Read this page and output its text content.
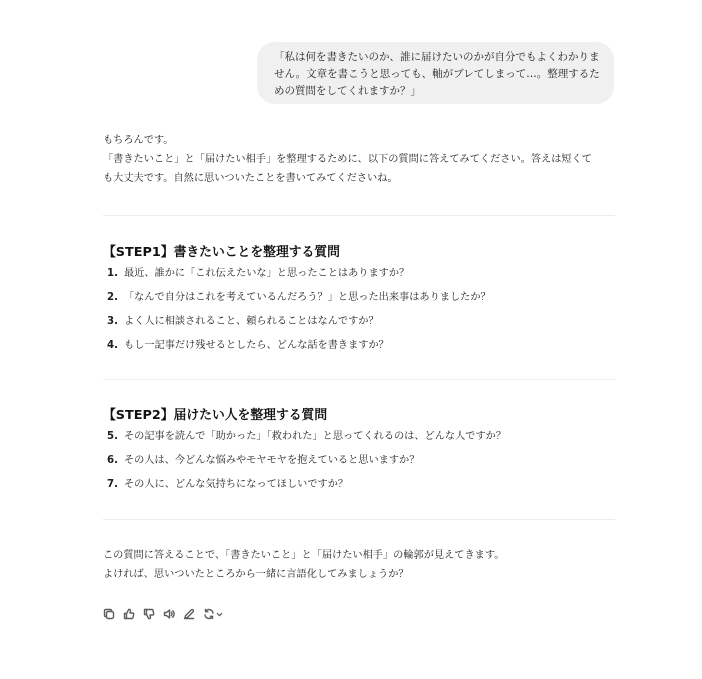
「私は何を書きたいのか、誰に届けたいのかが自分でもよくわかりま
せん。文章を書こうと思っても、軸がブレてしまって…。整理するた
めの質問をしてくれますか？」

もちろんです。

「書きたいこと」と「届けたい相手」を整理するために、以下の質問に答えてみてください。答えは短くて

も大丈夫です。自然に思いついたことを書いてみてくださいね。

【STEP1】書きたいことを整理する質問
1. 最近、誰かに「これ伝えたいな」と思ったことはありますか？
2. 「なんで自分はこれを考えているんだろう？」と思った出来事はありましたか？
3. よく人に相談されること、頼られることはなんですか？
4. もし一記事だけ残せるとしたら、どんな話を書きますか？
【STEP2】届けたい人を整理する質問
5. その記事を読んで「助かった」「救われた」と思ってくれるのは、どんな人ですか？
6. その人は、今どんな悩みやモヤモヤを抱えていると思いますか？
7. その人に、どんな気持ちになってほしいですか？

この質問に答えることで、「書きたいこと」と「届けたい相手」の輪郭が見えてきます。

よければ、思いついたところから一緒に言語化してみましょうか？
